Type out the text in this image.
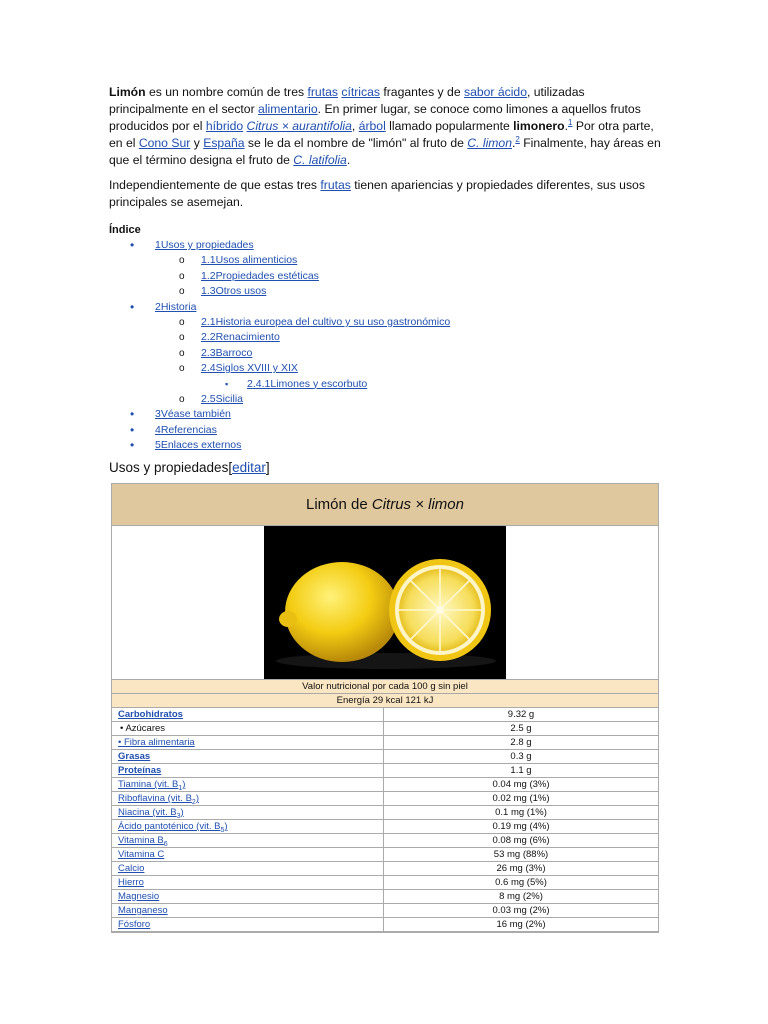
Limón es un nombre común de tres frutas cítricas fragantes y de sabor ácido, utilizadas principalmente en el sector alimentario. En primer lugar, se conoce como limones a aquellos frutos producidos por el híbrido Citrus × aurantifolia, árbol llamado popularmente limonero.$^1$ Por otra parte, en el Cono Sur y España se le da el nombre de "limón" al fruto de C. limon.$^2$ Finalmente, hay áreas en que el término designa el fruto de C. latifolia.

Independientemente de que estas tres frutas tienen apariencias y propiedades diferentes, sus usos principales se asemejan.

Índice
• 1Usos y propiedades
o 1.1Usos alimenticios
o 1.2Propiedades estéticas
o 1.3Otros usos
• 2Historia
o 2.1Historia europea del cultivo y su uso gastronómico
o 2.2Renacimiento
o 2.3Barroco
o 2.4Siglos XVIII y XIX
▪ 2.4.1Limones y escorbuto
o 2.5Sicilia
• 3Véase también
• 4Referencias
• 5Enlaces externos
Usos y propiedades[editar]
Limón de Citrus × limon
Valor nutricional por cada 100 g sin piel
Energía 29 kcal 121 kJ
Carbohidratos	9.32 g
• Azúcares	2.5 g
• Fibra alimentaria	2.8 g
Grasas	0.3 g
Proteínas	1.1 g
Tiamina (vit. $B_1$)	0.04 mg (3%)
Riboflavina (vit. $B_2$)	0.02 mg (1%)
Niacina (vit. $B_3$)	0.1 mg (1%)
Ácido pantoténico (vit. $B_5$)	0.19 mg (4%)
Vitamina $B_6$	0.08 mg (6%)
Vitamina C	53 mg (88%)
Calcio	26 mg (3%)
Hierro	0.6 mg (5%)
Magnesio	8 mg (2%)
Manganeso	0.03 mg (2%)
Fósforo	16 mg (2%)
